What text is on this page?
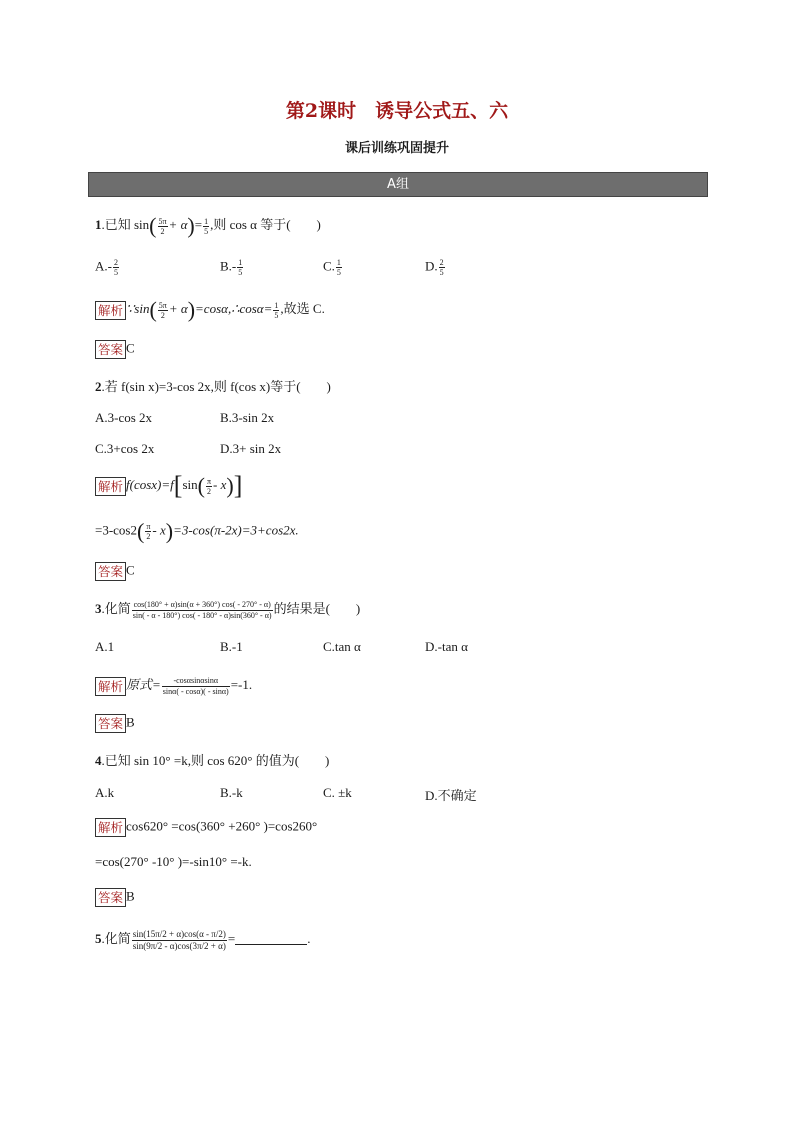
第2课时　诱导公式五、六
课后训练巩固提升
A组
1.已知 $\sin( \frac{5\pi}{2} + \alpha)= \frac{1}{5}$ ,则 cos α 等于(　　)
$A.- \frac{2}{5}$	$B.- \frac{1}{5}$	C. $\frac{1}{5}$	D. $\frac{2}{5}$
解析 ∵sin( $\frac{5\pi}{2}$ + α)=cosα,∴cosα= $\frac{1}{5}$ ,故选 C.
答案 C
2.若 f(sin x)=3-cos 2x,则 f(cos x)等于(　　)
A.3-cos 2x	B.3-sin 2x
C.3+cos 2x	D.3+ sin 2x
解析 $f(\cos x)=f[\sin( \frac{\pi}{2} - x)]$
$=3-\cos 2( \frac{\pi}{2} - x)=3-\cos(\pi-2x)=3+\cos 2x$.
答案 C
3.化简 $\frac{\cos(180^\circ + \alpha)\sin(\alpha + 360^\circ) \cos( - 270^\circ - \alpha)}{\sin( - \alpha - 180^\circ) \cos( - 180^\circ - \alpha)\sin(360^\circ - \alpha)}$ 的结果是(　　)
A.1	B.-1	C.tan α	D.-tan α
解析 原式= $\frac{-\cos\alpha\sin\alpha\sin\alpha}{\sin\alpha( - \cos\alpha)( - \sin\alpha)} =-1$.
答案 B
4.已知 sin 10° =k,则 cos 620° 的值为(　　)
A.k	B.-k	C. ±k	D.不确定
解析 cos620° =cos(360° +260° )=cos260°
=cos(270° -10° )=-sin10° =-k.
答案 B
5.化简 $\frac{\sin(15\pi/2 + \alpha)\cos(\alpha - \pi/2)}{\sin(9\pi/2 - \alpha)\cos(3\pi/2 + \alpha)}$ =	.
